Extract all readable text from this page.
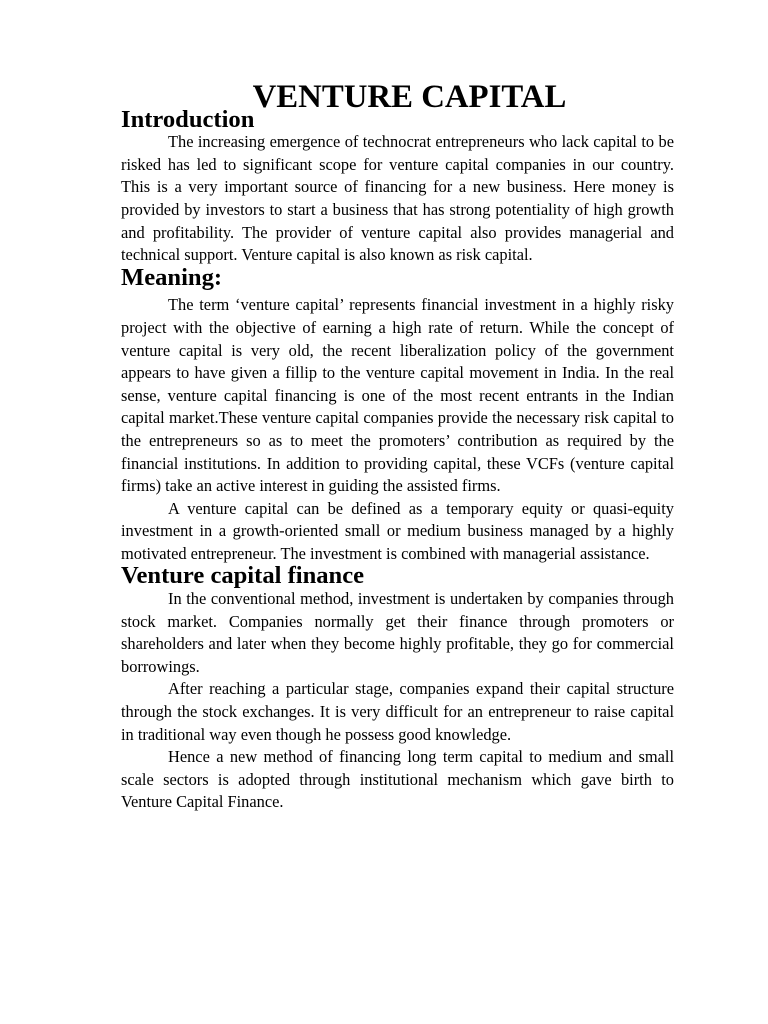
VENTURE CAPITAL
Introduction

The increasing emergence of technocrat entrepreneurs who lack capital to be risked has led to significant scope for venture capital companies in our country. This is a very important source of financing for a new business. Here money is provided by investors to start a business that has strong potentiality of high growth and profitability. The provider of venture capital also provides managerial and technical support. Venture capital is also known as risk capital.

Meaning:

The term ‘venture capital’ represents financial investment in a highly risky project with the objective of earning a high rate of return. While the concept of venture capital is very old, the recent liberalization policy of the government appears to have given a fillip to the venture capital movement in India. In the real sense, venture capital financing is one of the most recent entrants in the Indian capital market.These venture capital companies provide the necessary risk capital to the entrepreneurs so as to meet the promoters’ contribution as required by the financial institutions. In addition to providing capital, these VCFs (venture capital firms) take an active interest in guiding the assisted firms.

A venture capital can be defined as a temporary equity or quasi-equity investment in a growth-oriented small or medium business managed by a highly motivated entrepreneur. The investment is combined with managerial assistance.

Venture capital finance

In the conventional method, investment is undertaken by companies through stock market. Companies normally get their finance through promoters or shareholders and later when they become highly profitable, they go for commercial borrowings.

After reaching a particular stage, companies expand their capital structure through the stock exchanges. It is very difficult for an entrepreneur to raise capital in traditional way even though he possess good knowledge.

Hence a new method of financing long term capital to medium and small scale sectors is adopted through institutional mechanism which gave birth to Venture Capital Finance.
